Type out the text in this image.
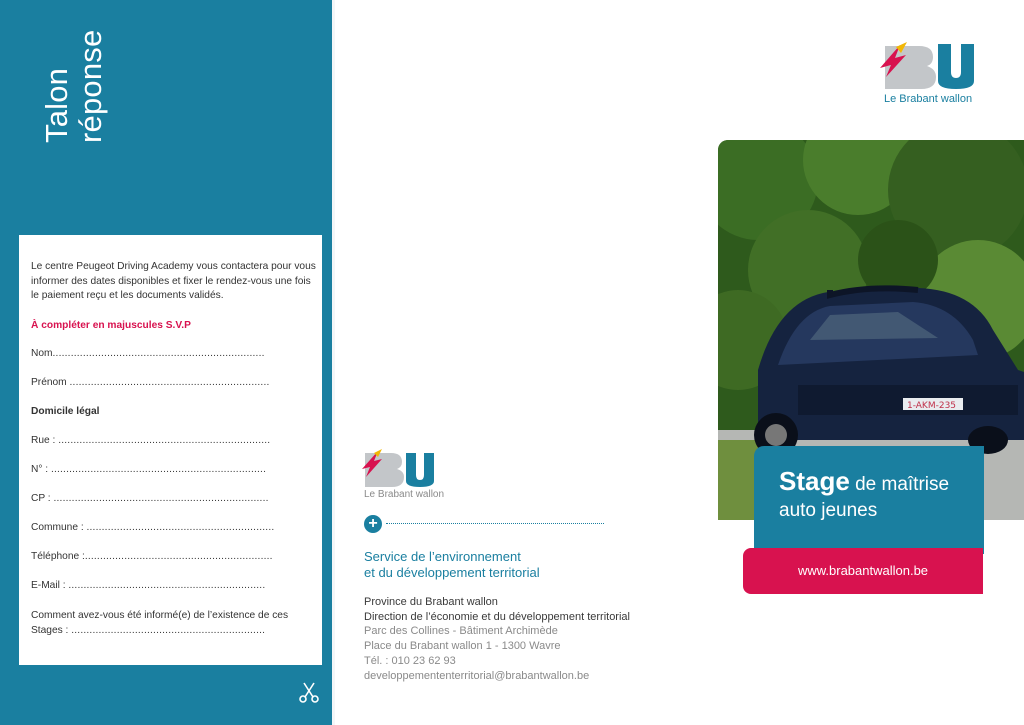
Talon réponse

Le centre Peugeot Driving Academy vous contactera pour vous informer des dates disponibles et fixer le rendez-vous une fois le paiement reçu et les documents validés.

À compléter en majuscules S.V.P

Nom......................................................................
Prénom ..................................................................
Domicile légal
Rue : ......................................................................
N° : .......................................................................
CP : .......................................................................
Commune : ..............................................................
Téléphone :..............................................................
E-Mail : .................................................................
Comment avez-vous été informé(e) de l’existence de ces
Stages : ................................................................
Le Brabant wallon
+
Service de l’environnement
et du développement territorial
Province du Brabant wallon
Direction de l’économie et du développement territorial
Parc des Collines - Bâtiment Archimède
Place du Brabant wallon 1 - 1300 Wavre
Tél. : 010 23 62 93
developpemententerritorial@brabantwallon.be
Le Brabant wallon
1-AKM-235
Stage de maîtrise
auto jeunes
www.brabantwallon.be
